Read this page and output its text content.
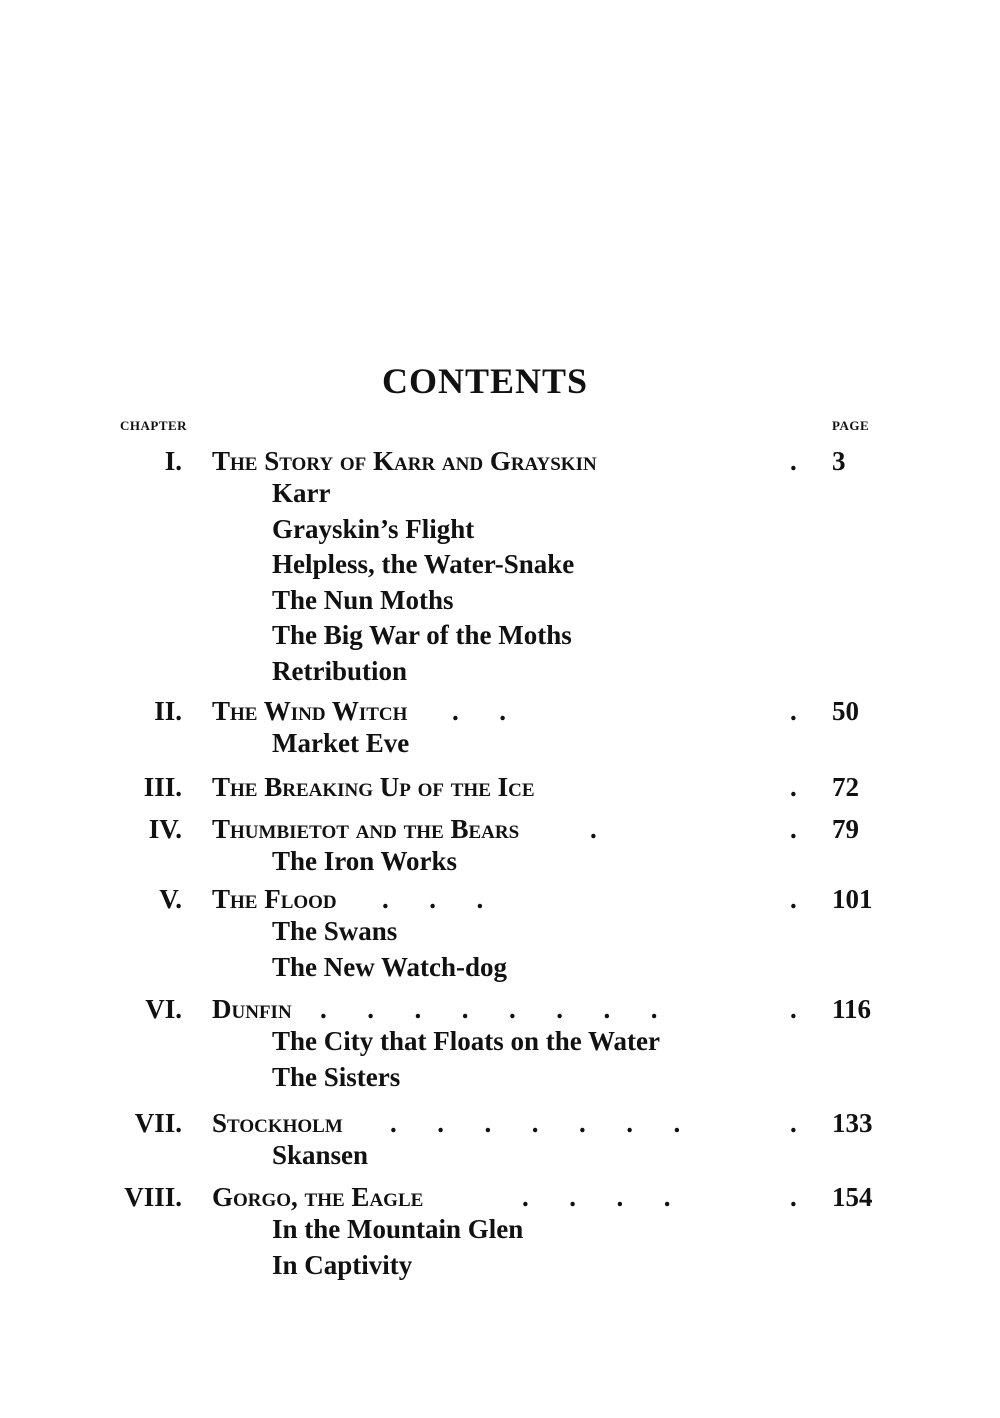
CONTENTS
CHAPTER	PAGE
I. The Story of Karr and Grayskin	. 3
Karr
Grayskin’s Flight
Helpless, the Water-Snake
The Nun Moths
The Big War of the Moths
Retribution
II. The Wind Witch .  .	. 50
Market Eve
III. The Breaking Up of the Ice	. 72
IV. Thumbietot and the Bears	.	. 79
The Iron Works
V. The Flood .  .  .	. 101
The Swans
The New Watch-dog
VI. Dunfin .  .  .  .  .  .  .  .	. 116
The City that Floats on the Water
The Sisters
VII. Stockholm .  .  .  .  .  .  .	. 133
Skansen
VIII. Gorgo, the Eagle	.  .  .  .	. 154
In the Mountain Glen
In Captivity
